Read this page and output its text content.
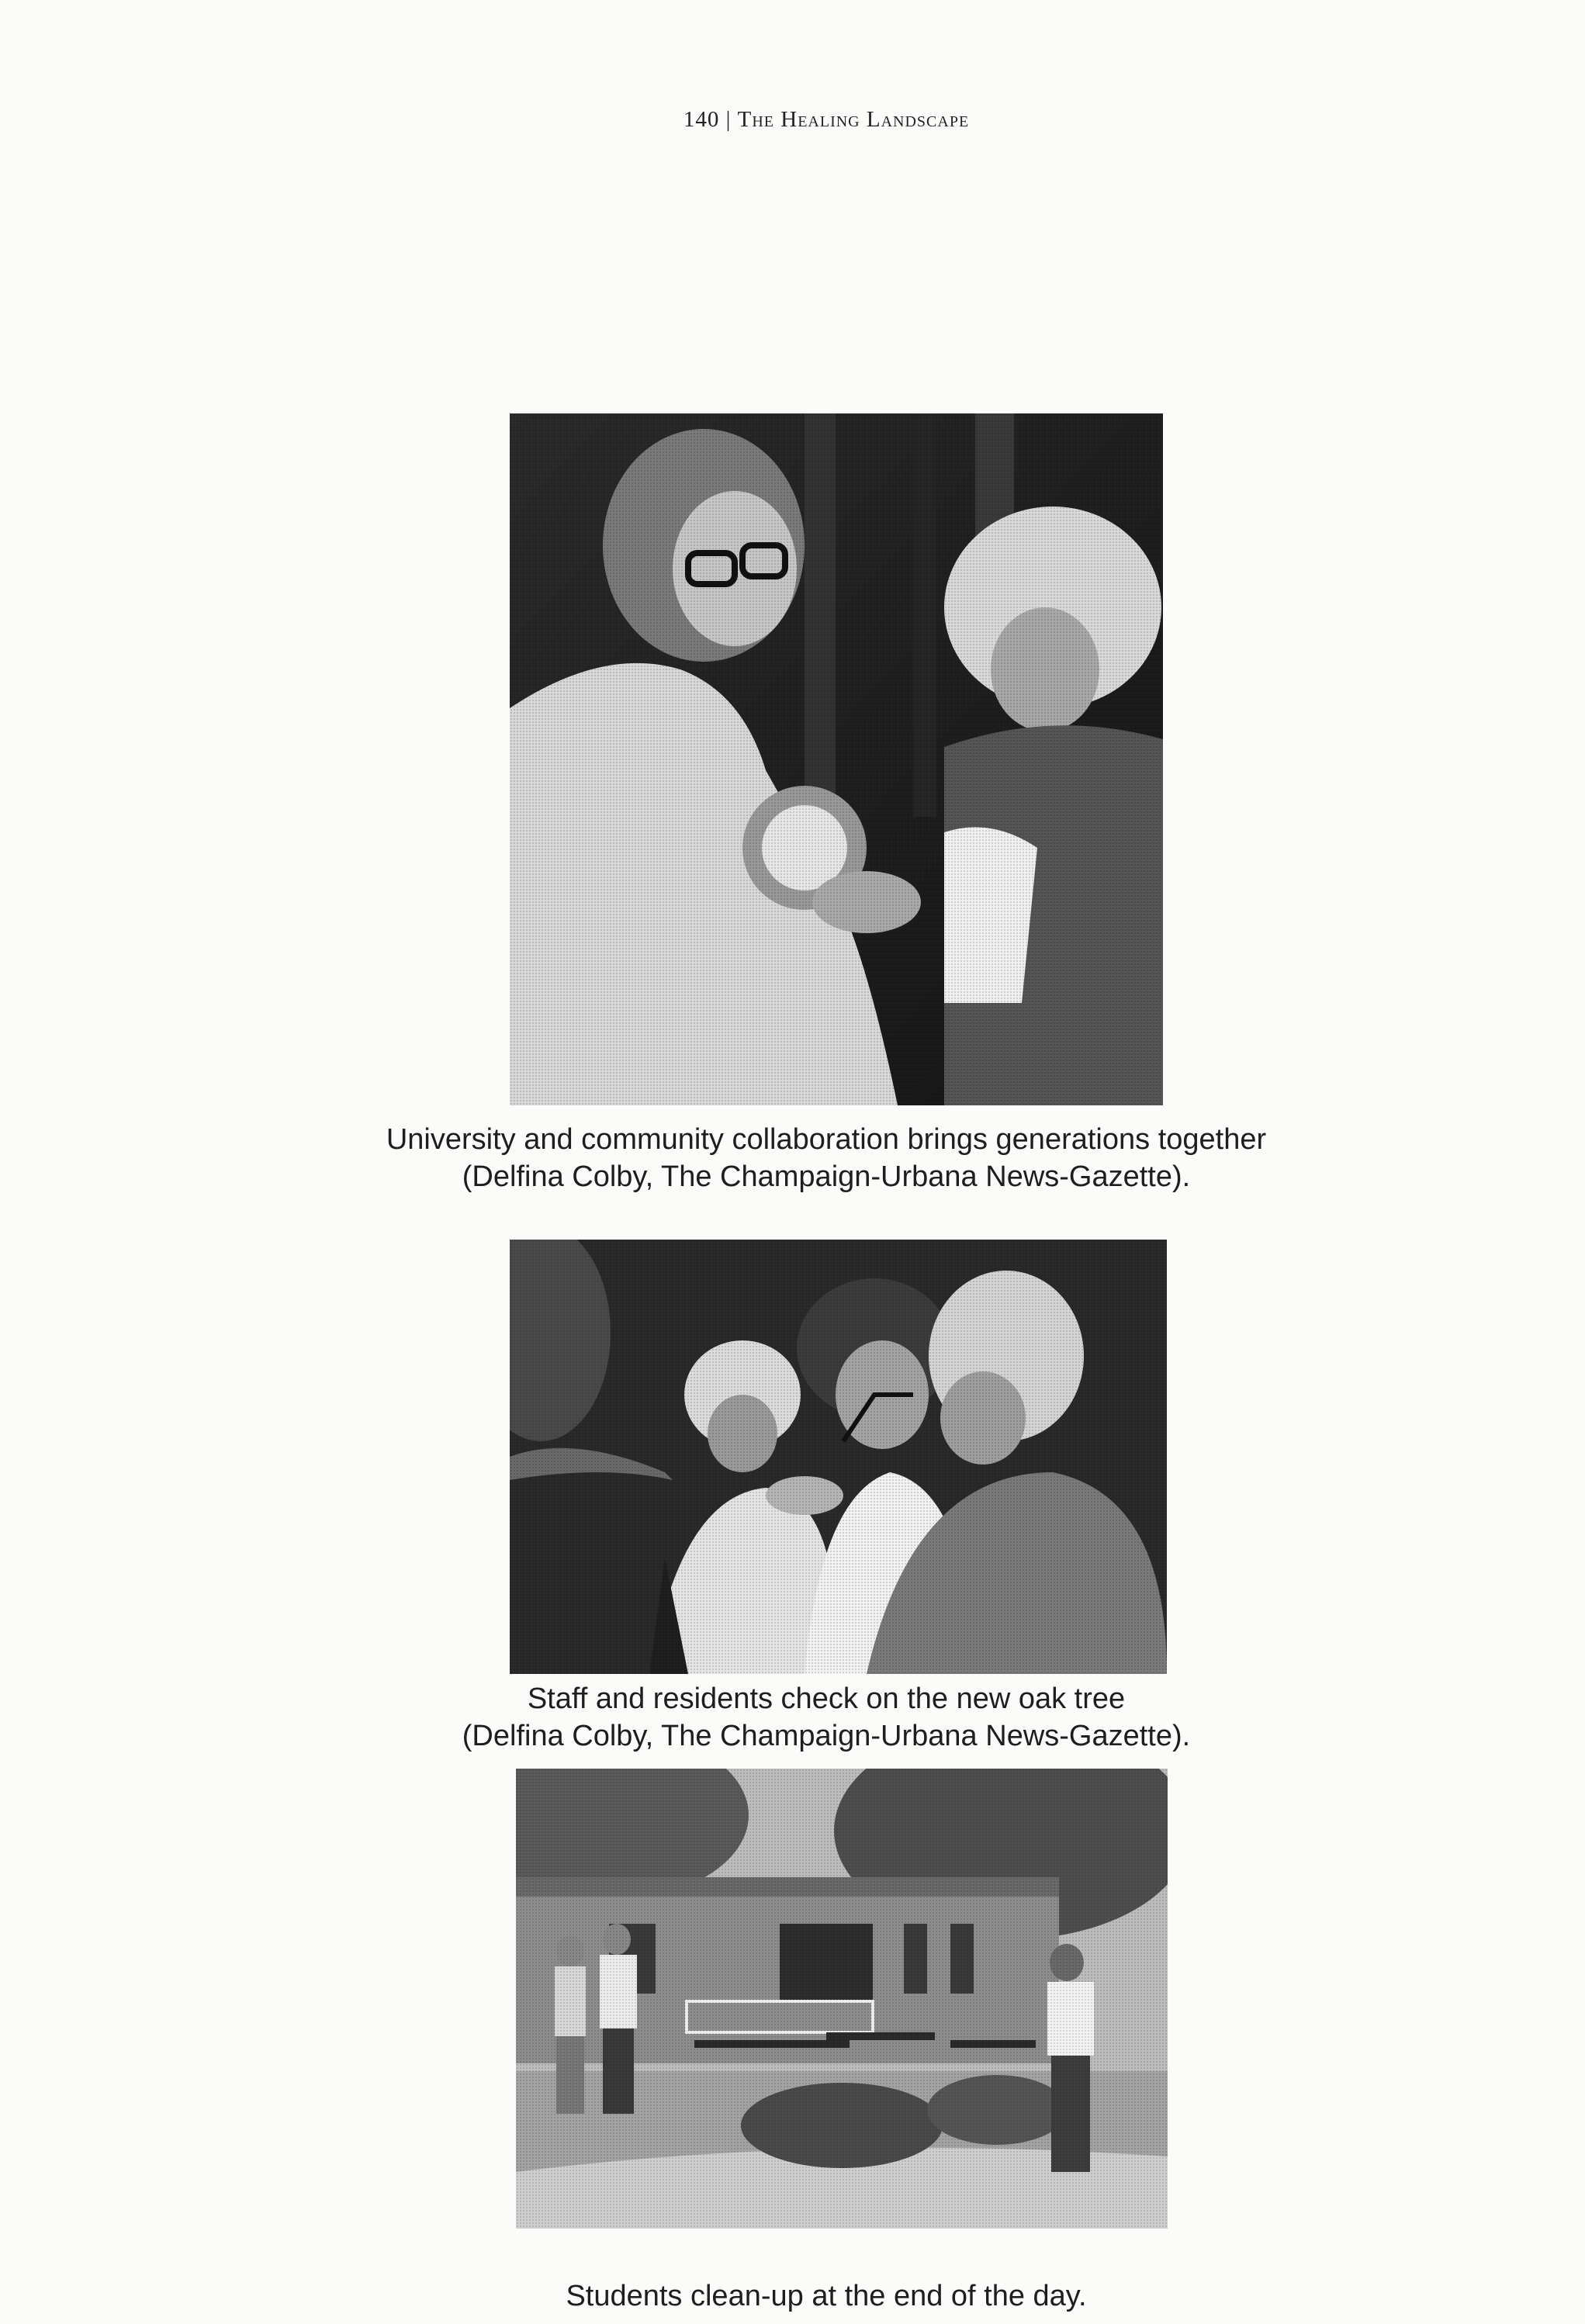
140 | The Healing Landscape
University and community collaboration brings generations together
(Delfina Colby, The Champaign-Urbana News-Gazette).
Staff and residents check on the new oak tree
(Delfina Colby, The Champaign-Urbana News-Gazette).
Students clean-up at the end of the day.
